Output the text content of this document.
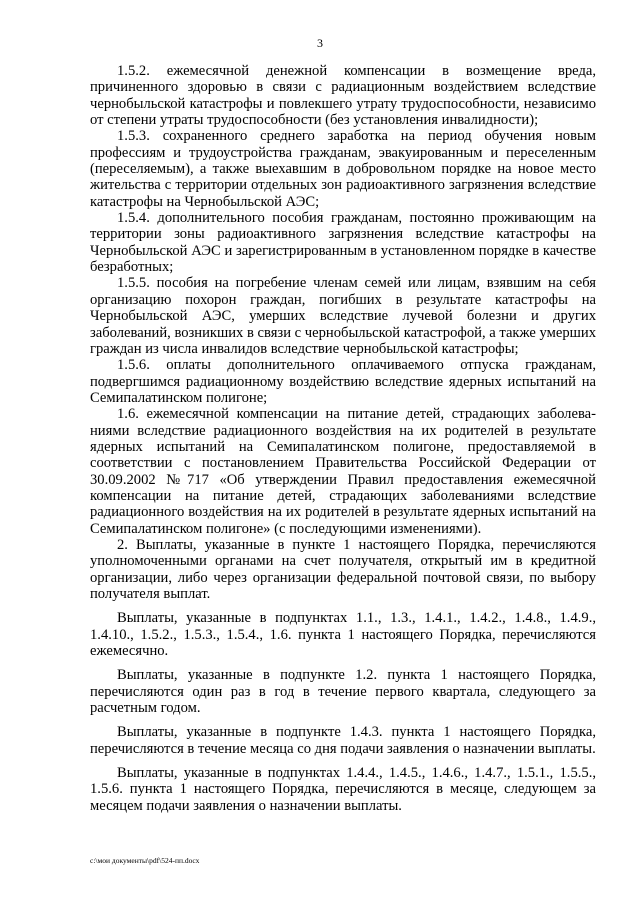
3

1.5.2. ежемесячной денежной компенсации в возмещение вреда, причиненного здоровью в связи с радиационным воздействием вследствие чернобыльской катастрофы и повлекшего утрату трудоспособности, независимо от степени утраты трудоспособности (без установления инвалидности);

1.5.3. сохраненного среднего заработка на период обучения новым профессиям и трудоустройства гражданам, эвакуированным и переселенным (переселяемым), а также выехавшим в добровольном порядке на новое место жительства с территории отдельных зон радиоактивного загрязнения вследствие катастрофы на Чернобыльской АЭС;

1.5.4. дополнительного пособия гражданам, постоянно проживающим на территории зоны радиоактивного загрязнения вследствие катастрофы на Чернобыльской АЭС и зарегистрированным в установленном порядке в качестве безработных;

1.5.5. пособия на погребение членам семей или лицам, взявшим на себя организацию похорон граждан, погибших в результате катастрофы на Чернобыльской АЭС, умерших вследствие лучевой болезни и других заболеваний, возникших в связи с чернобыльской катастрофой, а также умерших граждан из числа инвалидов вследствие чернобыльской катастрофы;

1.5.6. оплаты дополнительного оплачиваемого отпуска гражданам, подвергшимся радиационному воздействию вследствие ядерных испытаний на Семипалатинском полигоне;

1.6. ежемесячной компенсации на питание детей, страдающих заболеваниями вследствие радиационного воздействия на их родителей в результате ядерных испытаний на Семипалатинском полигоне, предоставляемой в соответствии с постановлением Правительства Российской Федерации от 30.09.2002 №717 «Об утверждении Правил предоставления ежемесячной компенсации на питание детей, страдающих заболеваниями вследствие радиационного воздействия на их родителей в результате ядерных испытаний на Семипалатинском полигоне» (с последующими изменениями).

2. Выплаты, указанные в пункте 1 настоящего Порядка, перечисляются уполномоченными органами на счет получателя, открытый им в кредитной организации, либо через организации федеральной почтовой связи, по выбору получателя выплат.

Выплаты, указанные в подпунктах 1.1., 1.3., 1.4.1., 1.4.2., 1.4.8., 1.4.9., 1.4.10., 1.5.2., 1.5.3., 1.5.4., 1.6. пункта 1 настоящего Порядка, перечисляются ежемесячно.

Выплаты, указанные в подпункте 1.2. пункта 1 настоящего Порядка, перечисляются один раз в год в течение первого квартала, следующего за расчетным годом.

Выплаты, указанные в подпункте 1.4.3. пункта 1 настоящего Порядка, перечисляются в течение месяца со дня подачи заявления о назначении выплаты.

Выплаты, указанные в подпунктах 1.4.4., 1.4.5., 1.4.6., 1.4.7., 1.5.1., 1.5.5., 1.5.6. пункта 1 настоящего Порядка, перечисляются в месяце, следующем за месяцем подачи заявления о назначении выплаты.

c:\мои документы\pdf\524-пп.docx
